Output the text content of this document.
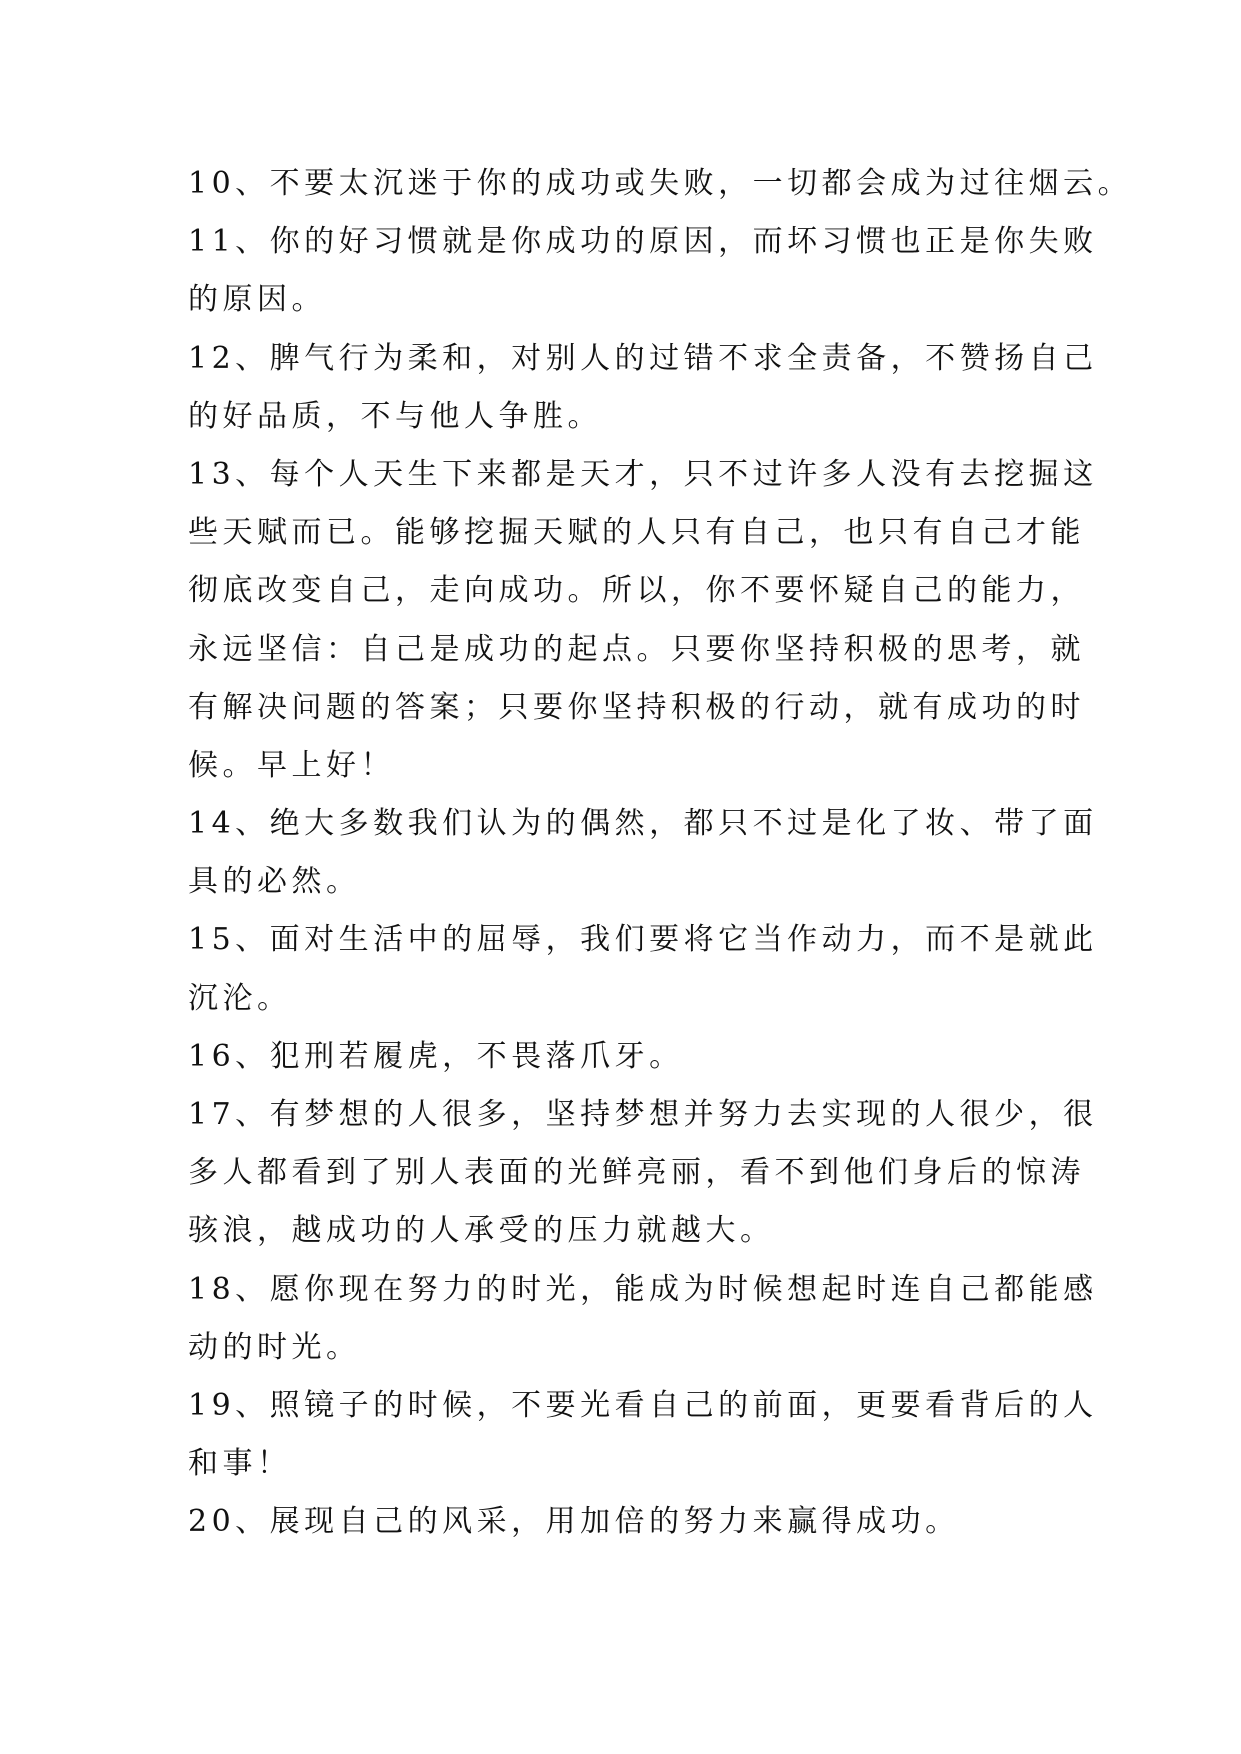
10、不要太沉迷于你的成功或失败，一切都会成为过往烟云。
11、你的好习惯就是你成功的原因，而坏习惯也正是你失败
的原因。
12、脾气行为柔和，对别人的过错不求全责备，不赞扬自己
的好品质，不与他人争胜。
13、每个人天生下来都是天才，只不过许多人没有去挖掘这
些天赋而已。能够挖掘天赋的人只有自己，也只有自己才能
彻底改变自己，走向成功。所以，你不要怀疑自己的能力，
永远坚信：自己是成功的起点。只要你坚持积极的思考，就
有解决问题的答案；只要你坚持积极的行动，就有成功的时
候。早上好！
14、绝大多数我们认为的偶然，都只不过是化了妆、带了面
具的必然。
15、面对生活中的屈辱，我们要将它当作动力，而不是就此
沉沦。
16、犯刑若履虎，不畏落爪牙。
17、有梦想的人很多，坚持梦想并努力去实现的人很少，很
多人都看到了别人表面的光鲜亮丽，看不到他们身后的惊涛
骇浪，越成功的人承受的压力就越大。
18、愿你现在努力的时光，能成为时候想起时连自己都能感
动的时光。
19、照镜子的时候，不要光看自己的前面，更要看背后的人
和事！
20、展现自己的风采，用加倍的努力来赢得成功。
